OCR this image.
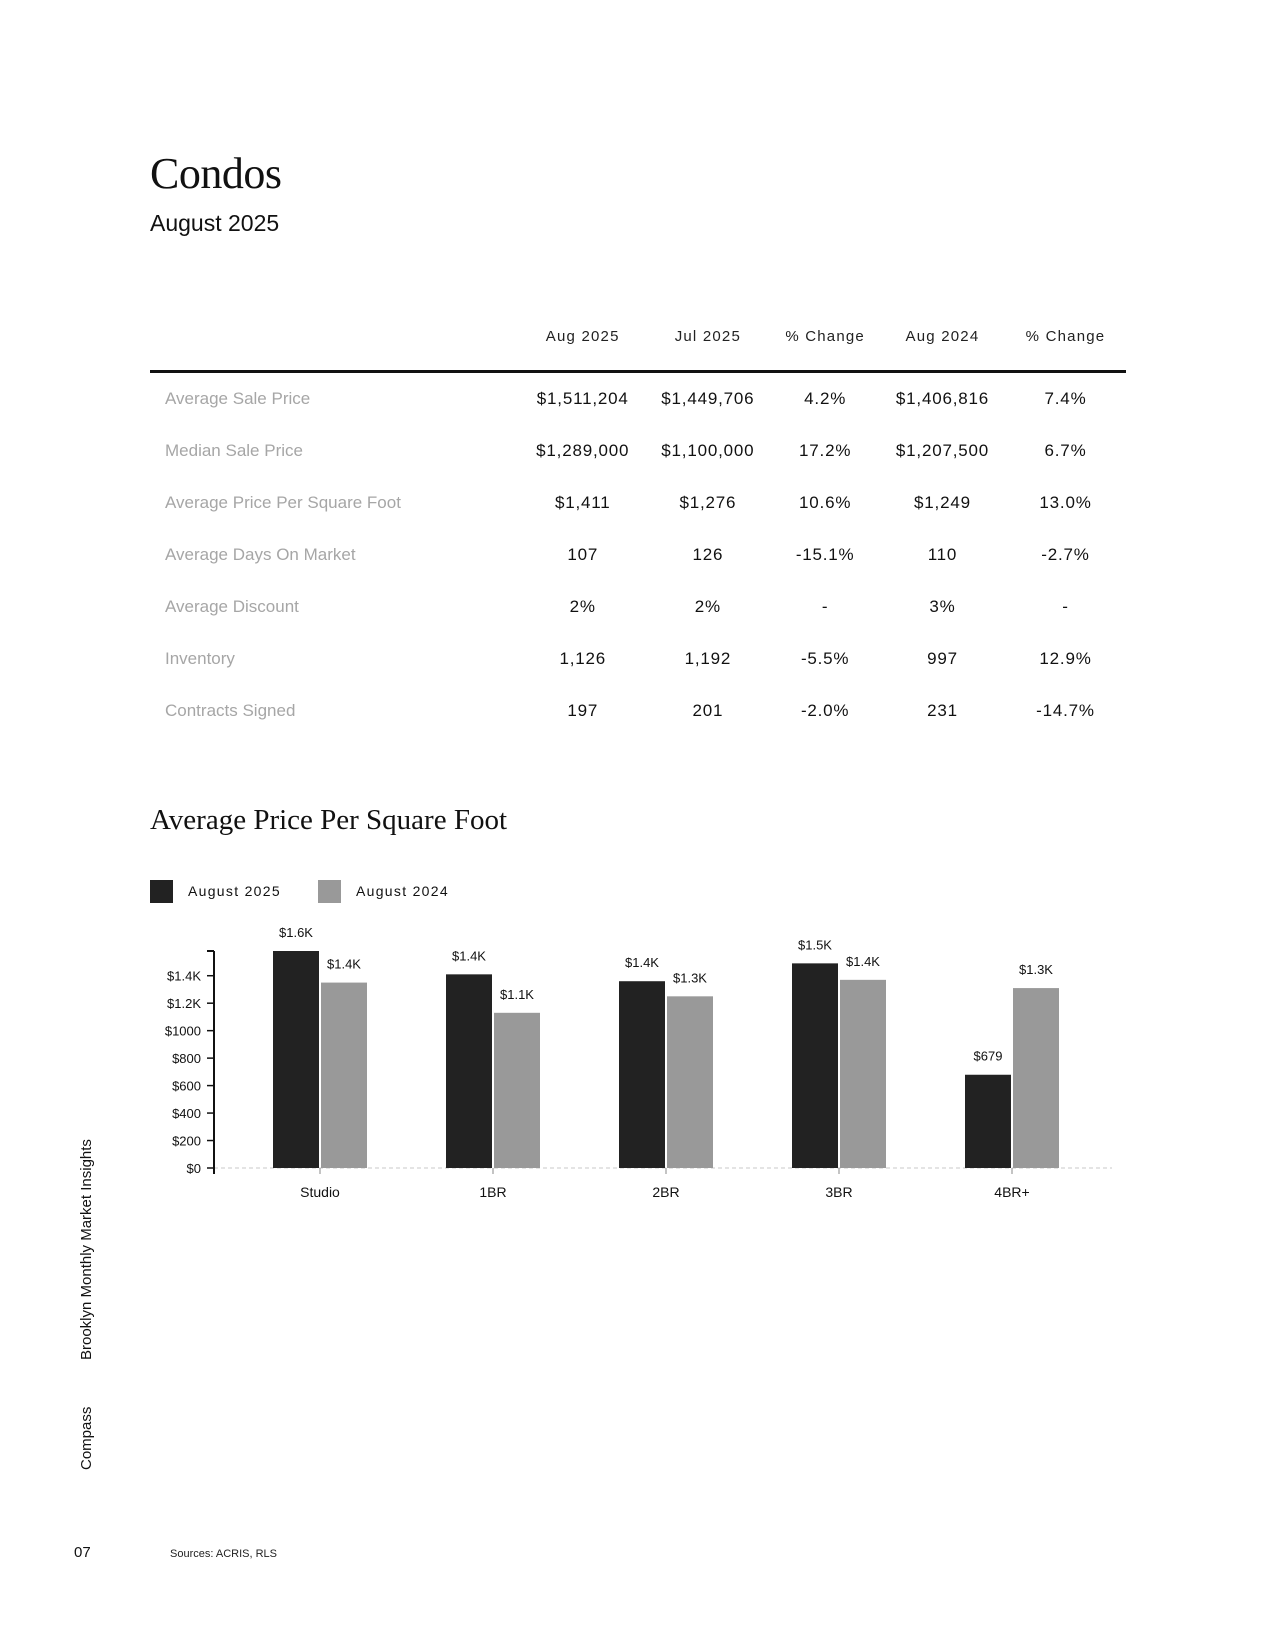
Condos
August 2025
	Aug 2025	Jul 2025	% Change	Aug 2024	% Change
Average Sale Price	$1,511,204	$1,449,706	4.2%	$1,406,816	7.4%
Median Sale Price	$1,289,000	$1,100,000	17.2%	$1,207,500	6.7%
Average Price Per Square Foot	$1,411	$1,276	10.6%	$1,249	13.0%
Average Days On Market	107	126	-15.1%	110	-2.7%
Average Discount	2%	2%	-	3%	-
Inventory	1,126	1,192	-5.5%	997	12.9%
Contracts Signed	197	201	-2.0%	231	-14.7%
Average Price Per Square Foot
August 2025	August 2024
$0
$200
$400
$600
$800
$1000
$1.2K
$1.4K
$1.6K
$1.4K
Studio
$1.4K
$1.1K
1BR
$1.4K
$1.3K
2BR
$1.5K
$1.4K
3BR
$679
$1.3K
4BR+
Brooklyn Monthly Market Insights
Compass
07	Sources: ACRIS, RLS
